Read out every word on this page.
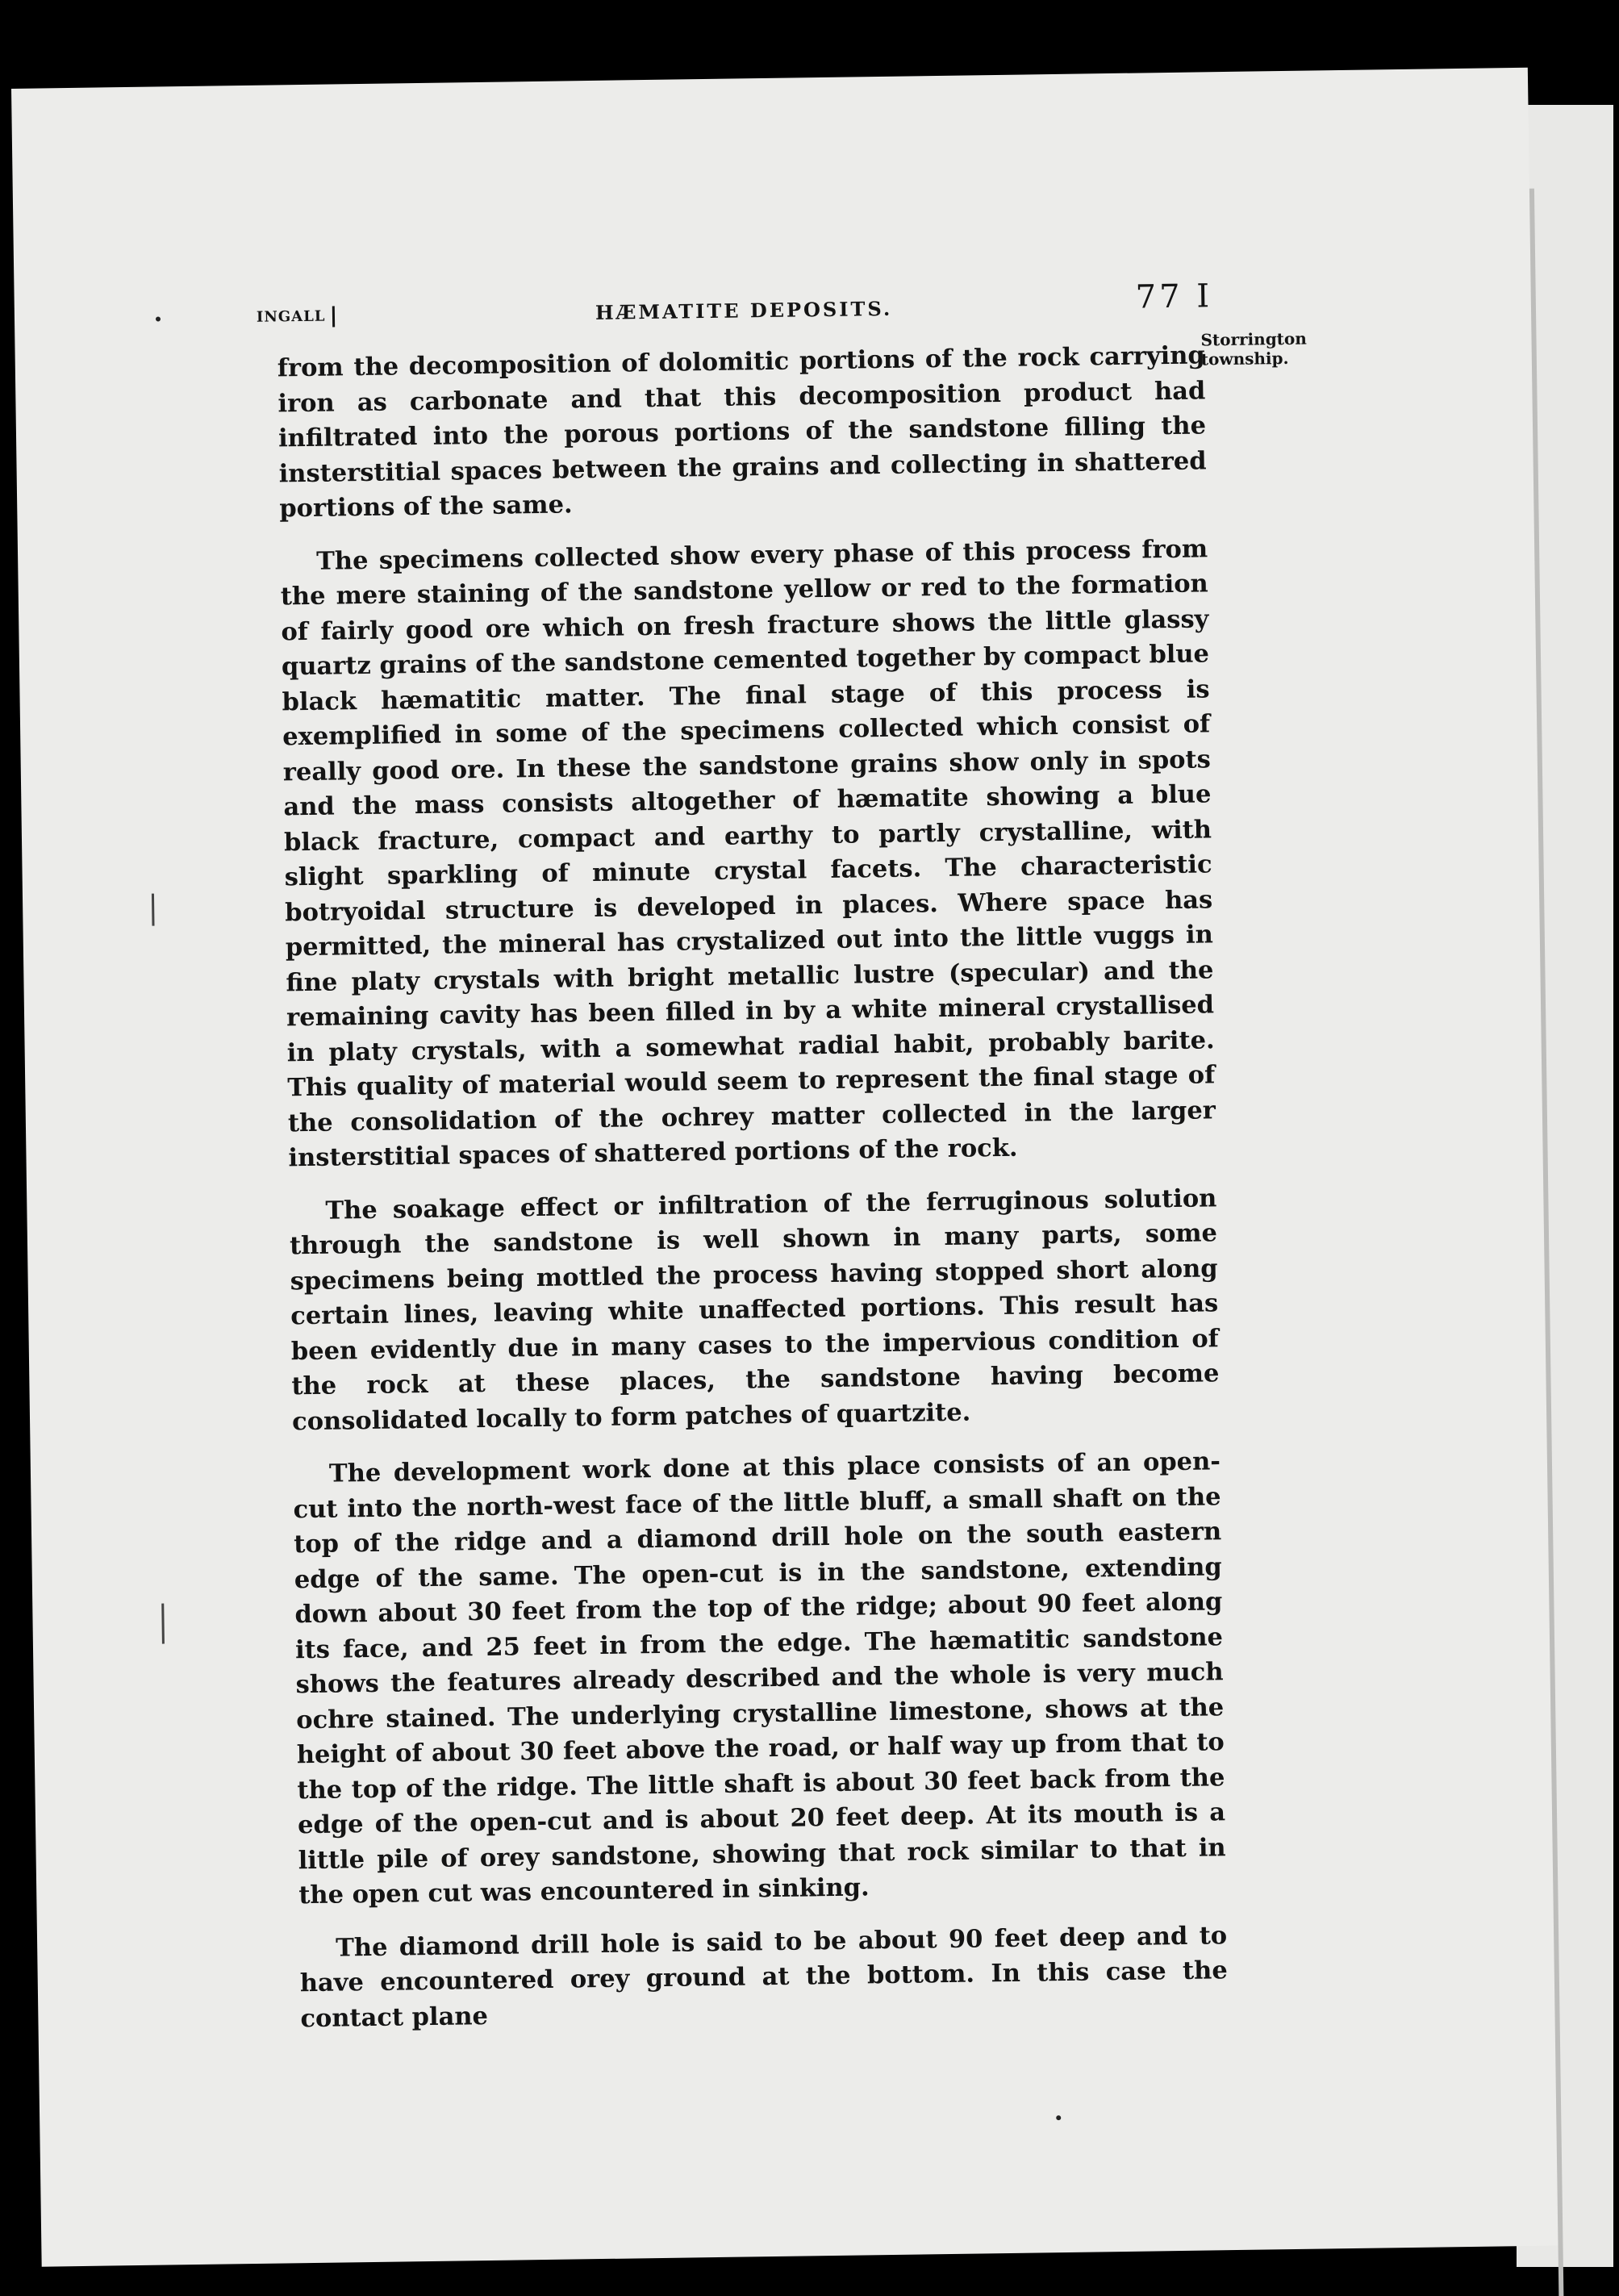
INGALL	HÆMATITE DEPOSITS.	77 I
Storrington
township.

from the decomposition of dolomitic portions of the rock carrying iron as carbonate and that this decomposition product had infiltrated into the porous portions of the sandstone filling the insterstitial spaces between the grains and collecting in shattered portions of the same.

The specimens collected show every phase of this process from the mere staining of the sandstone yellow or red to the formation of fairly good ore which on fresh fracture shows the little glassy quartz grains of the sandstone cemented together by compact blue black hæmatitic matter. The final stage of this process is exemplified in some of the specimens collected which consist of really good ore. In these the sandstone grains show only in spots and the mass consists altogether of hæmatite showing a blue black fracture, compact and earthy to partly crystalline, with slight sparkling of minute crystal facets. The characteristic botryoidal structure is developed in places. Where space has permitted, the mineral has crystalized out into the little vuggs in fine platy crystals with bright metallic lustre (specular) and the remaining cavity has been filled in by a white mineral crystallised in platy crystals, with a somewhat radial habit, probably barite. This quality of material would seem to represent the final stage of the consolidation of the ochrey matter collected in the larger insterstitial spaces of shattered portions of the rock.

The soakage effect or infiltration of the ferruginous solution through the sandstone is well shown in many parts, some specimens being mottled the process having stopped short along certain lines, leaving white unaffected portions. This result has been evidently due in many cases to the impervious condition of the rock at these places, the sandstone having become consolidated locally to form patches of quartzite.

The development work done at this place consists of an open-cut into the north-west face of the little bluff, a small shaft on the top of the ridge and a diamond drill hole on the south eastern edge of the same. The open-cut is in the sandstone, extending down about 30 feet from the top of the ridge; about 90 feet along its face, and 25 feet in from the edge. The hæmatitic sandstone shows the features already described and the whole is very much ochre stained. The underlying crystalline limestone, shows at the height of about 30 feet above the road, or half way up from that to the top of the ridge. The little shaft is about 30 feet back from the edge of the open-cut and is about 20 feet deep. At its mouth is a little pile of orey sandstone, showing that rock similar to that in the open cut was encountered in sinking.

The diamond drill hole is said to be about 90 feet deep and to have encountered orey ground at the bottom. In this case the contact plane
